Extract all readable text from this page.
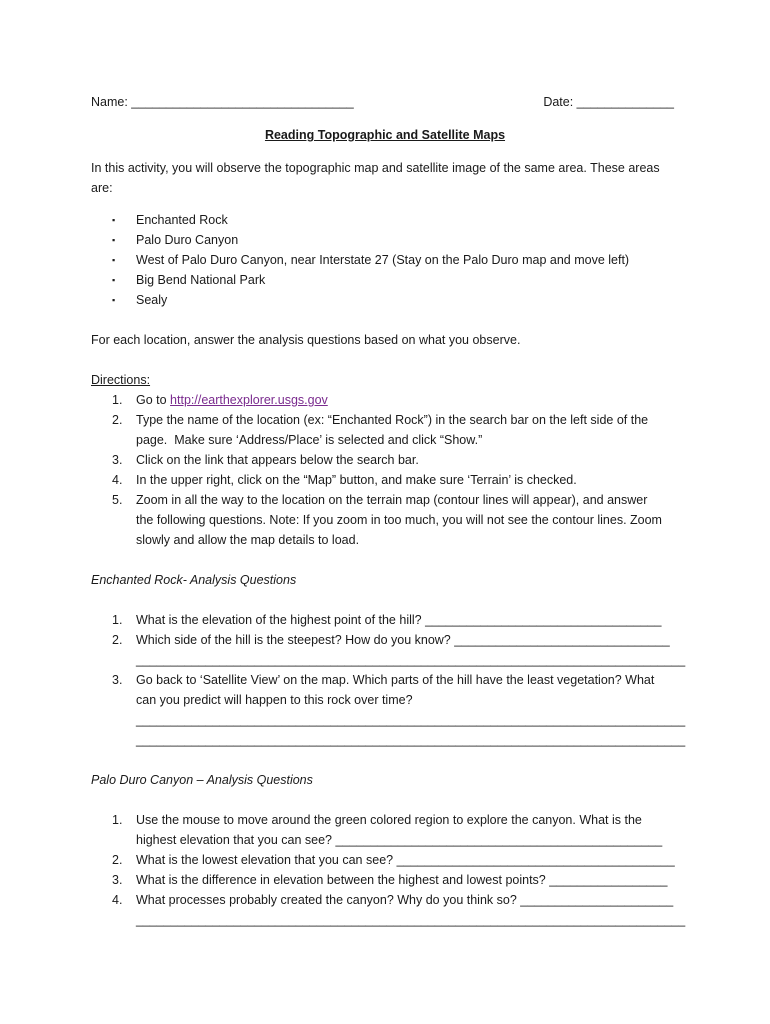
Name: ________________________________	Date: ______________
Reading Topographic and Satellite Maps
In this activity, you will observe the topographic map and satellite image of the same area. These areas
are:
▪ Enchanted Rock
▪ Palo Duro Canyon
▪ West of Palo Duro Canyon, near Interstate 27 (Stay on the Palo Duro map and move left)
▪ Big Bend National Park
▪ Sealy
For each location, answer the analysis questions based on what you observe.
Directions:
1. Go to http://earthexplorer.usgs.gov
2. Type the name of the location (ex: “Enchanted Rock”) in the search bar on the left side of the
page.  Make sure ‘Address/Place’ is selected and click “Show.”
3. Click on the link that appears below the search bar.
4. In the upper right, click on the “Map” button, and make sure ‘Terrain’ is checked.
5. Zoom in all the way to the location on the terrain map (contour lines will appear), and answer
the following questions. Note: If you zoom in too much, you will not see the contour lines. Zoom
slowly and allow the map details to load.
Enchanted Rock- Analysis Questions
1. What is the elevation of the highest point of the hill? __________________________________
2. Which side of the hill is the steepest? How do you know? _______________________________
_______________________________________________________________________________
3. Go back to ‘Satellite View’ on the map. Which parts of the hill have the least vegetation? What
can you predict will happen to this rock over time?
_______________________________________________________________________________
_______________________________________________________________________________
Palo Duro Canyon – Analysis Questions
1. Use the mouse to move around the green colored region to explore the canyon. What is the
highest elevation that you can see? _______________________________________________
2. What is the lowest elevation that you can see? ________________________________________
3. What is the difference in elevation between the highest and lowest points? _________________
4. What processes probably created the canyon? Why do you think so? ______________________
_______________________________________________________________________________
